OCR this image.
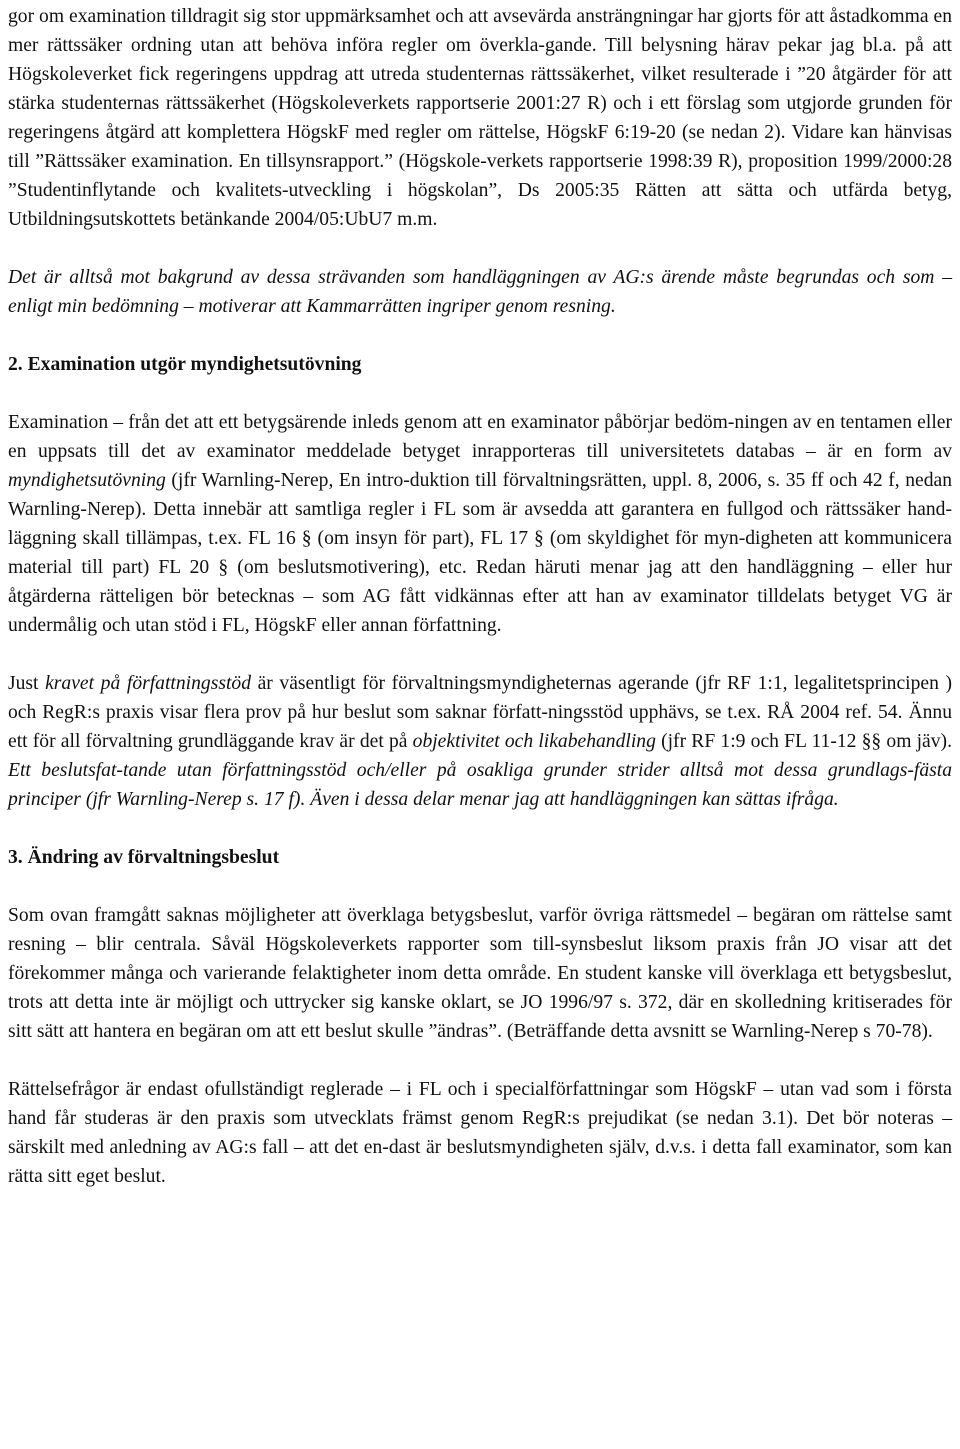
gor om examination tilldragit sig stor uppmärksamhet och att avsevärda ansträngningar har gjorts för att åstadkomma en mer rättssäker ordning utan att behöva införa regler om överkla-gande. Till belysning härav pekar jag bl.a. på att Högskoleverket fick regeringens uppdrag att utreda studenternas rättssäkerhet, vilket resulterade i ”20 åtgärder för att stärka studenternas rättssäkerhet (Högskoleverkets rapportserie 2001:27 R) och i ett förslag som utgjorde grunden för regeringens åtgärd att komplettera HögskF med regler om rättelse, HögskF 6:19-20 (se nedan 2). Vidare kan hänvisas till ”Rättssäker examination. En tillsynsrapport.” (Högskole-verkets rapportserie 1998:39 R), proposition 1999/2000:28 ”Studentinflytande och kvalitets-utveckling i högskolan”, Ds 2005:35 Rätten att sätta och utfärda betyg, Utbildningsutskottets betänkande 2004/05:UbU7 m.m.

Det är alltså mot bakgrund av dessa strävanden som handläggningen av AG:s ärende måste begrundas och som – enligt min bedömning – motiverar att Kammarrätten ingriper genom resning.

2. Examination utgör myndighetsutövning

Examination – från det att ett betygsärende inleds genom att en examinator påbörjar bedöm-ningen av en tentamen eller en uppsats till det av examinator meddelade betyget inrapporteras till universitetets databas – är en form av myndighetsutövning (jfr Warnling-Nerep, En intro-duktion till förvaltningsrätten, uppl. 8, 2006, s. 35 ff och 42 f, nedan Warnling-Nerep). Detta innebär att samtliga regler i FL som är avsedda att garantera en fullgod och rättssäker hand-läggning skall tillämpas, t.ex. FL 16 § (om insyn för part), FL 17 § (om skyldighet för myn-digheten att kommunicera material till part) FL 20 § (om beslutsmotivering), etc. Redan häruti menar jag att den handläggning – eller hur åtgärderna rätteligen bör betecknas – som AG fått vidkännas efter att han av examinator tilldelats betyget VG är undermålig och utan stöd i FL, HögskF eller annan författning.

Just kravet på författningsstöd är väsentligt för förvaltningsmyndigheternas agerande (jfr RF 1:1, legalitetsprincipen ) och RegR:s praxis visar flera prov på hur beslut som saknar författ-ningsstöd upphävs, se t.ex. RÅ 2004 ref. 54. Ännu ett för all förvaltning grundläggande krav är det på objektivitet och likabehandling (jfr RF 1:9 och FL 11-12 §§ om jäv). Ett beslutsfat-tande utan författningsstöd och/eller på osakliga grunder strider alltså mot dessa grundlags-fästa principer (jfr Warnling-Nerep s. 17 f). Även i dessa delar menar jag att handläggningen kan sättas ifråga.

3. Ändring av förvaltningsbeslut

Som ovan framgått saknas möjligheter att överklaga betygsbeslut, varför övriga rättsmedel – begäran om rättelse samt resning – blir centrala. Såväl Högskoleverkets rapporter som till-synsbeslut liksom praxis från JO visar att det förekommer många och varierande felaktigheter inom detta område. En student kanske vill överklaga ett betygsbeslut, trots att detta inte är möjligt och uttrycker sig kanske oklart, se JO 1996/97 s. 372, där en skolledning kritiserades för sitt sätt att hantera en begäran om att ett beslut skulle ”ändras”. (Beträffande detta avsnitt se Warnling-Nerep s 70-78).

Rättelsefrågor är endast ofullständigt reglerade – i FL och i specialförfattningar som HögskF – utan vad som i första hand får studeras är den praxis som utvecklats främst genom RegR:s prejudikat (se nedan 3.1). Det bör noteras – särskilt med anledning av AG:s fall – att det en-dast är beslutsmyndigheten själv, d.v.s. i detta fall examinator, som kan rätta sitt eget beslut.
